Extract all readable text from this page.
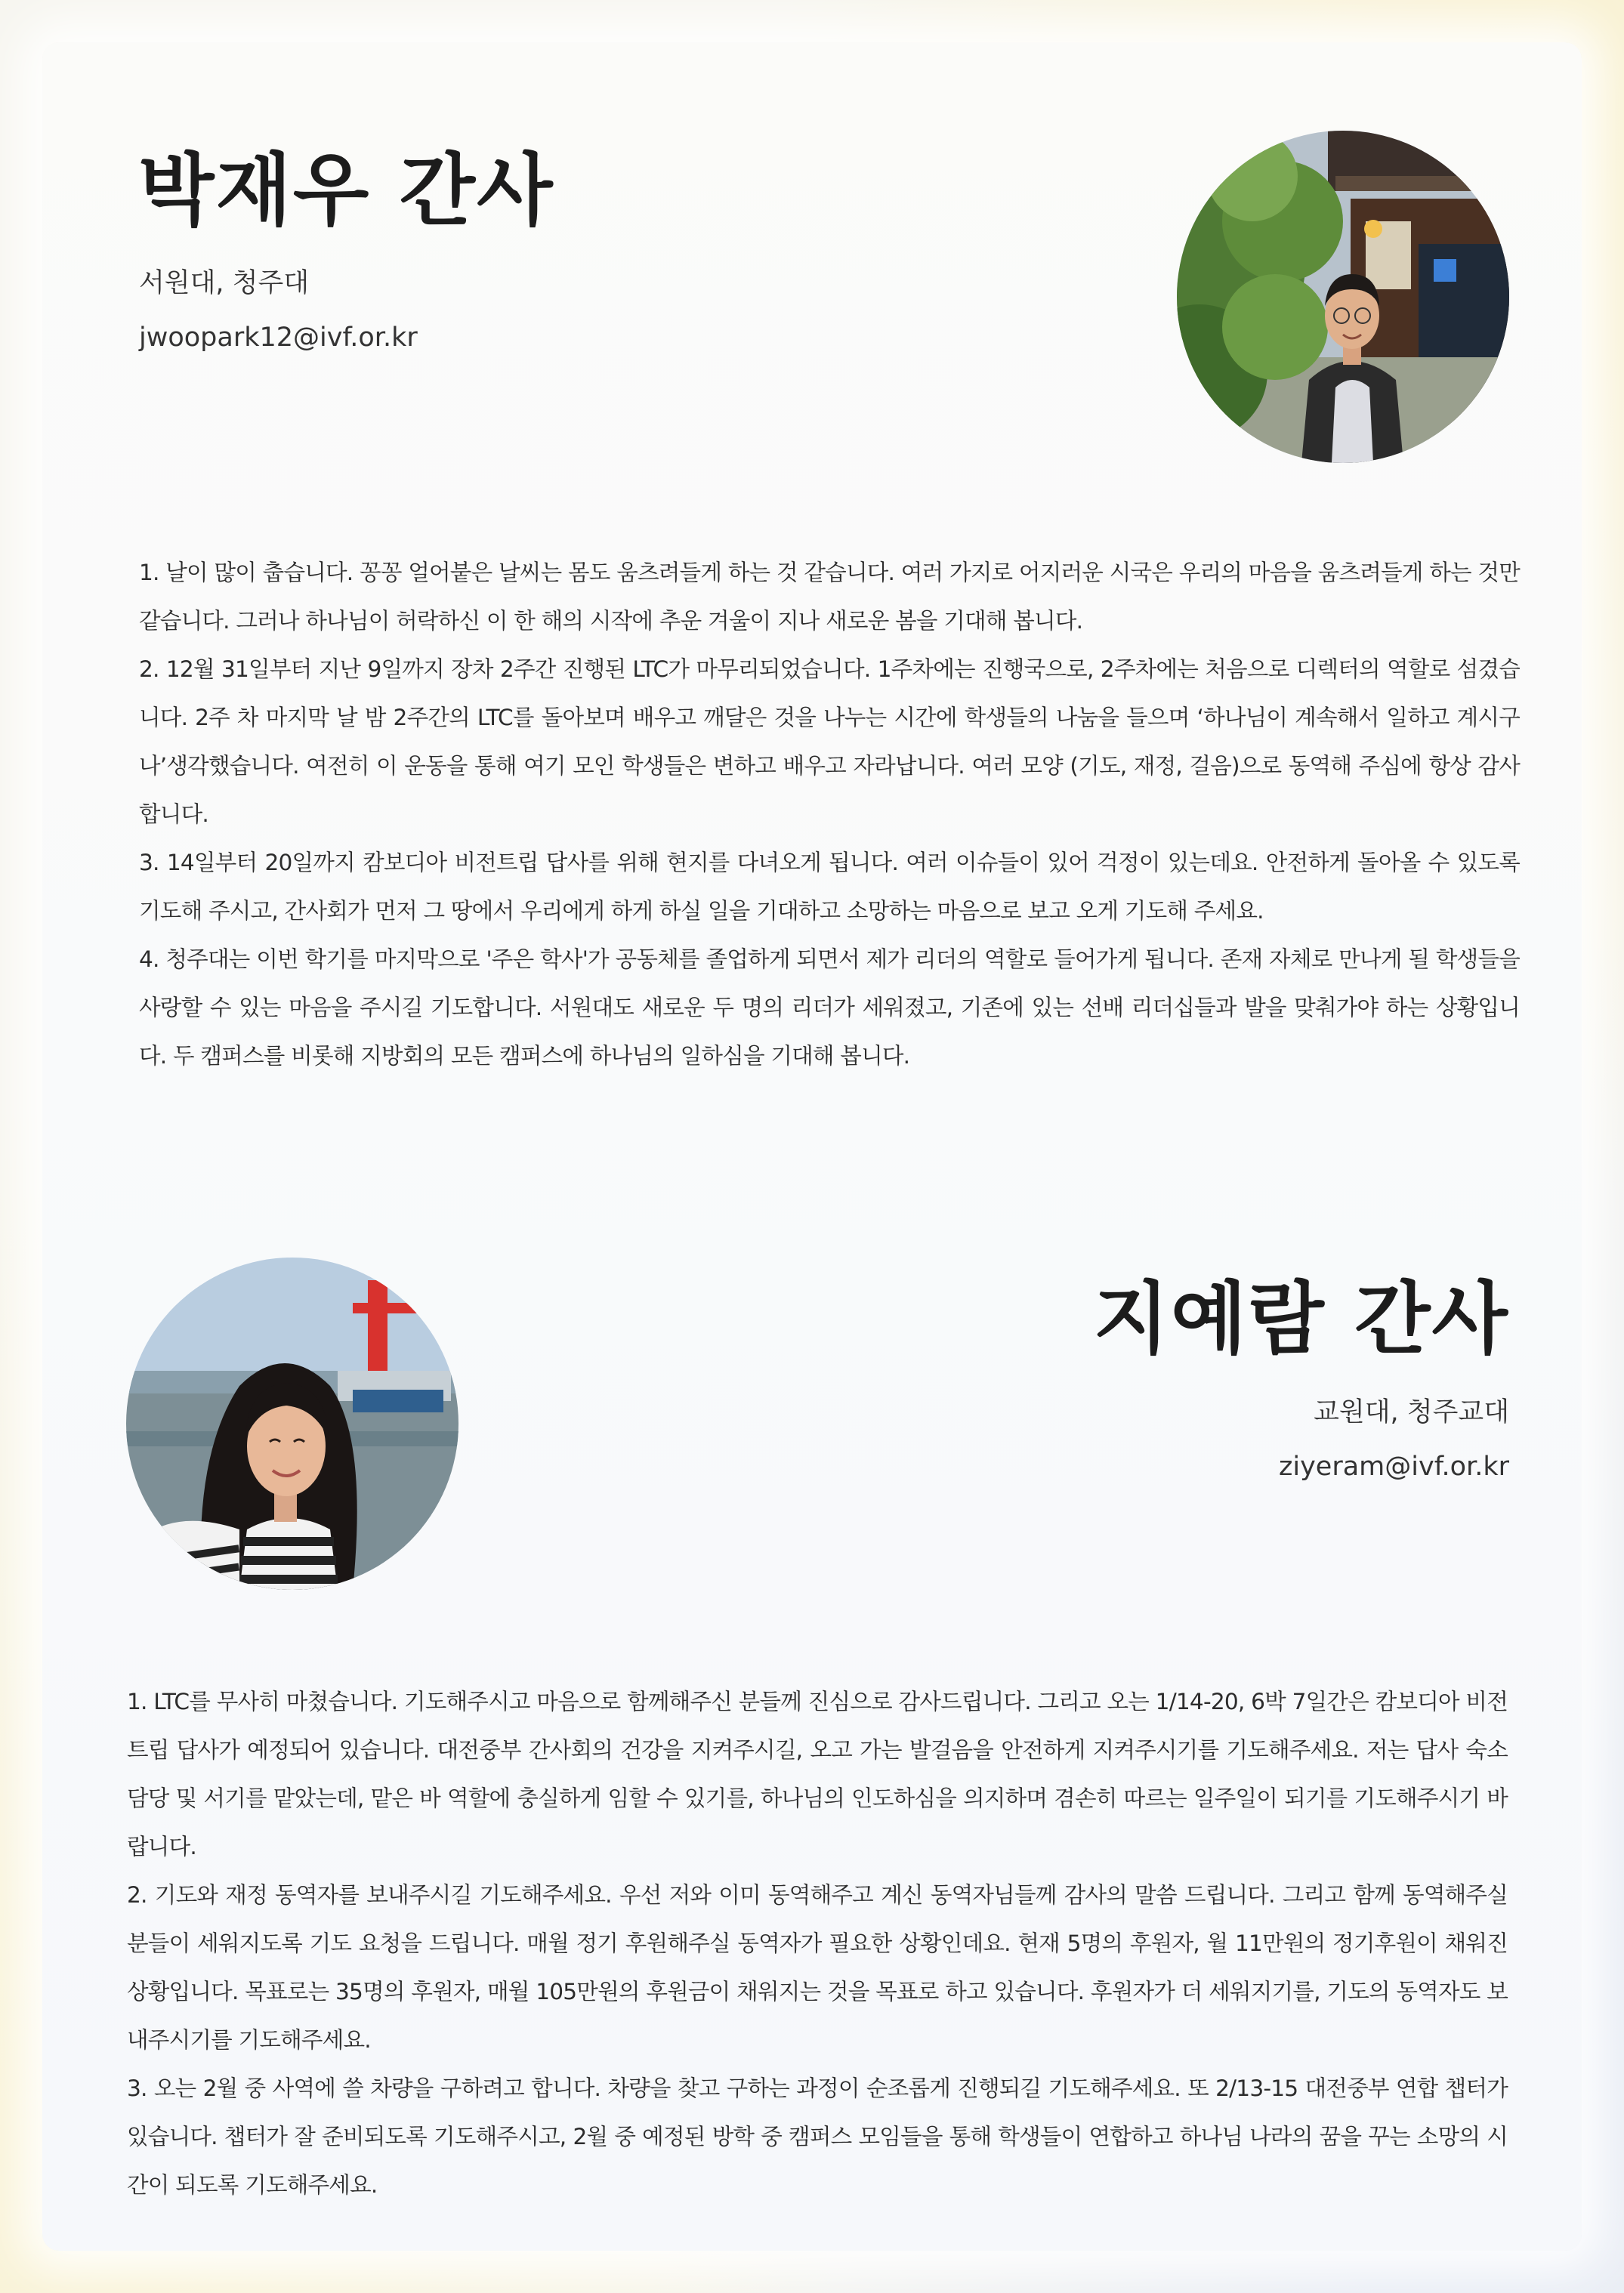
박재우 간사
서원대, 청주대
jwoopark12@ivf.or.kr

1. 날이 많이 춥습니다. 꽁꽁 얼어붙은 날씨는 몸도 움츠려들게 하는 것 같습니다. 여러 가지로 어지러운 시국은 우리의 마음을 움츠려들게 하는 것만 같습니다. 그러나 하나님이 허락하신 이 한 해의 시작에 추운 겨울이 지나 새로운 봄을 기대해 봅니다.

2. 12월 31일부터 지난 9일까지 장차 2주간 진행된 LTC가 마무리되었습니다. 1주차에는 진행국으로, 2주차에는 처음으로 디렉터의 역할로 섬겼습니다. 2주 차 마지막 날 밤 2주간의 LTC를 돌아보며 배우고 깨달은 것을 나누는 시간에 학생들의 나눔을 들으며 ‘하나님이 계속해서 일하고 계시구나’생각했습니다. 여전히 이 운동을 통해 여기 모인 학생들은 변하고 배우고 자라납니다. 여러 모양 (기도, 재정, 걸음)으로 동역해 주심에 항상 감사합니다.

3. 14일부터 20일까지 캄보디아 비전트립 답사를 위해 현지를 다녀오게 됩니다. 여러 이슈들이 있어 걱정이 있는데요. 안전하게 돌아올 수 있도록 기도해 주시고, 간사회가 먼저 그 땅에서 우리에게 하게 하실 일을 기대하고 소망하는 마음으로 보고 오게 기도해 주세요.

4. 청주대는 이번 학기를 마지막으로 '주은 학사'가 공동체를 졸업하게 되면서 제가 리더의 역할로 들어가게 됩니다. 존재 자체로 만나게 될 학생들을 사랑할 수 있는 마음을 주시길 기도합니다. 서원대도 새로운 두 명의 리더가 세워졌고, 기존에 있는 선배 리더십들과 발을 맞춰가야 하는 상황입니다. 두 캠퍼스를 비롯해 지방회의 모든 캠퍼스에 하나님의 일하심을 기대해 봅니다.

지예람 간사
교원대, 청주교대
ziyeram@ivf.or.kr

1. LTC를 무사히 마쳤습니다. 기도해주시고 마음으로 함께해주신 분들께 진심으로 감사드립니다. 그리고 오는 1/14-20, 6박 7일간은 캄보디아 비전트립 답사가 예정되어 있습니다. 대전중부 간사회의 건강을 지켜주시길, 오고 가는 발걸음을 안전하게 지켜주시기를 기도해주세요. 저는 답사 숙소 담당 및 서기를 맡았는데, 맡은 바 역할에 충실하게 임할 수 있기를, 하나님의 인도하심을 의지하며 겸손히 따르는 일주일이 되기를 기도해주시기 바랍니다.

2. 기도와 재정 동역자를 보내주시길 기도해주세요. 우선 저와 이미 동역해주고 계신 동역자님들께 감사의 말씀 드립니다. 그리고 함께 동역해주실 분들이 세워지도록 기도 요청을 드립니다. 매월 정기 후원해주실 동역자가 필요한 상황인데요. 현재 5명의 후원자, 월 11만원의 정기후원이 채워진 상황입니다. 목표로는 35명의 후원자, 매월 105만원의 후원금이 채워지는 것을 목표로 하고 있습니다. 후원자가 더 세워지기를, 기도의 동역자도 보내주시기를 기도해주세요.

3. 오는 2월 중 사역에 쓸 차량을 구하려고 합니다. 차량을 찾고 구하는 과정이 순조롭게 진행되길 기도해주세요. 또 2/13-15 대전중부 연합 챕터가 있습니다. 챕터가 잘 준비되도록 기도해주시고, 2월 중 예정된 방학 중 캠퍼스 모임들을 통해 학생들이 연합하고 하나님 나라의 꿈을 꾸는 소망의 시간이 되도록 기도해주세요.
